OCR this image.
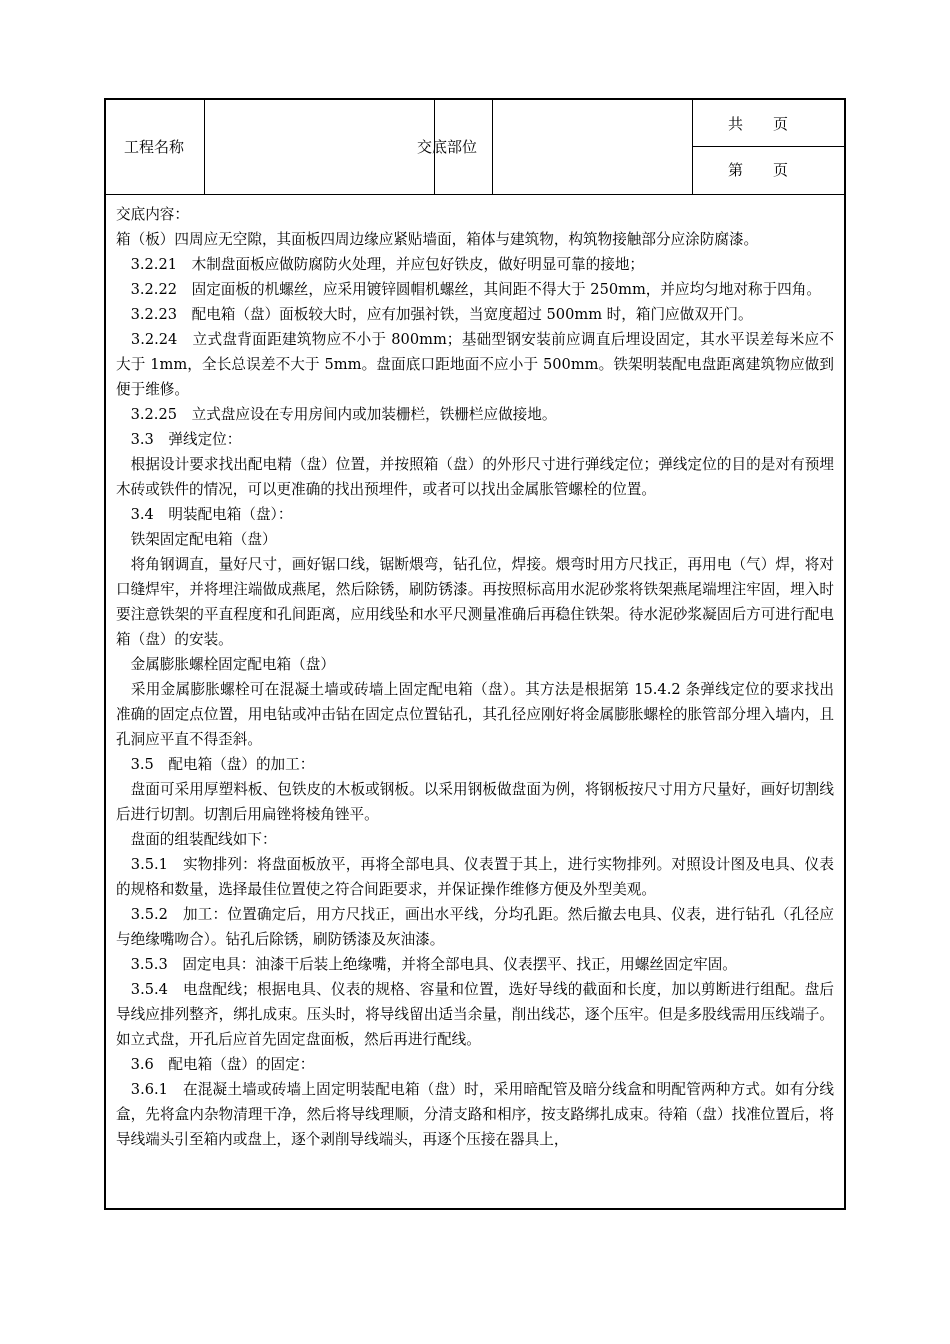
工程名称	交底部位
共　　页
第　　页

交底内容：

箱（板）四周应无空隙，其面板四周边缘应紧贴墙面，箱体与建筑物，构筑物接触部分应涂防腐漆。

　3.2.21　木制盘面板应做防腐防火处理，并应包好铁皮，做好明显可靠的接地；

　3.2.22　固定面板的机螺丝，应采用镀锌圆帽机螺丝，其间距不得大于 250mm，并应均匀地对称于四角。

　3.2.23　配电箱（盘）面板较大时，应有加强衬铁，当宽度超过 500mm 时，箱门应做双开门。

　3.2.24　立式盘背面距建筑物应不小于 800mm；基础型钢安装前应调直后埋设固定，其水平误差每米应不大于 1mm，全长总误差不大于 5mm。盘面底口距地面不应小于 500mm。铁架明装配电盘距离建筑物应做到便于维修。

　3.2.25　立式盘应设在专用房间内或加装栅栏，铁栅栏应做接地。

　3.3　弹线定位：

　根据设计要求找出配电精（盘）位置，并按照箱（盘）的外形尺寸进行弹线定位；弹线定位的目的是对有预埋木砖或铁件的情况，可以更准确的找出预埋件，或者可以找出金属胀管螺栓的位置。

　3.4　明装配电箱（盘）：

　铁架固定配电箱（盘）

　将角钢调直，量好尺寸，画好锯口线，锯断煨弯，钻孔位，焊接。煨弯时用方尺找正，再用电（气）焊，将对口缝焊牢，并将埋注端做成燕尾，然后除锈，刷防锈漆。再按照标高用水泥砂浆将铁架燕尾端埋注牢固，埋入时要注意铁架的平直程度和孔间距离，应用线坠和水平尺测量准确后再稳住铁架。待水泥砂浆凝固后方可进行配电箱（盘）的安装。

　金属膨胀螺栓固定配电箱（盘）

　采用金属膨胀螺栓可在混凝土墙或砖墙上固定配电箱（盘）。其方法是根据第 15.4.2 条弹线定位的要求找出准确的固定点位置，用电钻或冲击钻在固定点位置钻孔，其孔径应刚好将金属膨胀螺栓的胀管部分埋入墙内，且孔洞应平直不得歪斜。

　3.5　配电箱（盘）的加工：

　盘面可采用厚塑料板、包铁皮的木板或钢板。以采用钢板做盘面为例，将钢板按尺寸用方尺量好，画好切割线后进行切割。切割后用扁锉将棱角锉平。

　盘面的组装配线如下：

　3.5.1　实物排列：将盘面板放平，再将全部电具、仪表置于其上，进行实物排列。对照设计图及电具、仪表的规格和数量，选择最佳位置使之符合间距要求，并保证操作维修方便及外型美观。

　3.5.2　加工：位置确定后，用方尺找正，画出水平线，分均孔距。然后撤去电具、仪表，进行钻孔（孔径应与绝缘嘴吻合）。钻孔后除锈，刷防锈漆及灰油漆。

　3.5.3　固定电具：油漆干后装上绝缘嘴，并将全部电具、仪表摆平、找正，用螺丝固定牢固。

　3.5.4　电盘配线；根据电具、仪表的规格、容量和位置，选好导线的截面和长度，加以剪断进行组配。盘后导线应排列整齐，绑扎成束。压头时，将导线留出适当余量，削出线芯，逐个压牢。但是多股线需用压线端子。如立式盘，开孔后应首先固定盘面板，然后再进行配线。

　3.6　配电箱（盘）的固定：

　3.6.1　在混凝土墙或砖墙上固定明装配电箱（盘）时，采用暗配管及暗分线盒和明配管两种方式。如有分线盒，先将盒内杂物清理干净，然后将导线理顺，分清支路和相序，按支路绑扎成束。待箱（盘）找准位置后，将导线端头引至箱内或盘上，逐个剥削导线端头，再逐个压接在器具上，
